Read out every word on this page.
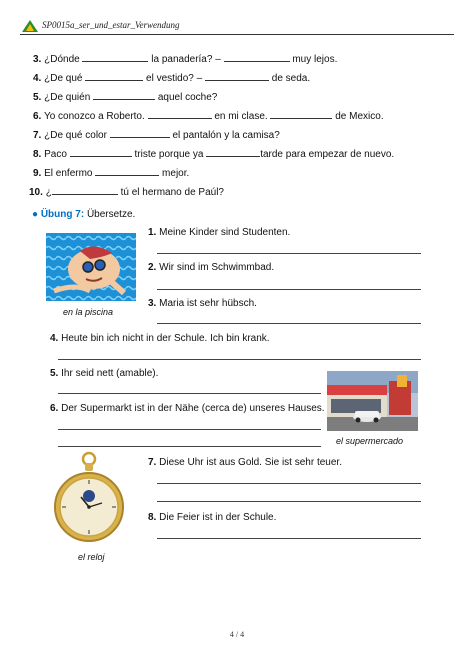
SP0015a_ser_und_estar_Verwendung
3. ¿Dónde	la panadería? –	muy lejos.
4. ¿De qué	el vestido? –	de seda.
5. ¿De quién	aquel coche?
6. Yo conozco a Roberto.	en mi clase.	de Mexico.
7. ¿De qué color	el pantalón y la camisa?
8. Paco	triste porque ya	tarde para empezar de nuevo.
9. El enfermo	mejor.
10. ¿	tú el hermano de Paúl?
● Übung 7: Übersetze.
en la piscina
1. Meine Kinder sind Studenten.
2. Wir sind im Schwimmbad.
3. Maria ist sehr hübsch.
4. Heute bin ich nicht in der Schule. Ich bin krank.
5. Ihr seid nett (amable).
el supermercado
6. Der Supermarkt ist in der Nähe (cerca de) unseres Hauses.
el reloj
7. Diese Uhr ist aus Gold. Sie ist sehr teuer.
8. Die Feier ist in der Schule.
4 / 4
